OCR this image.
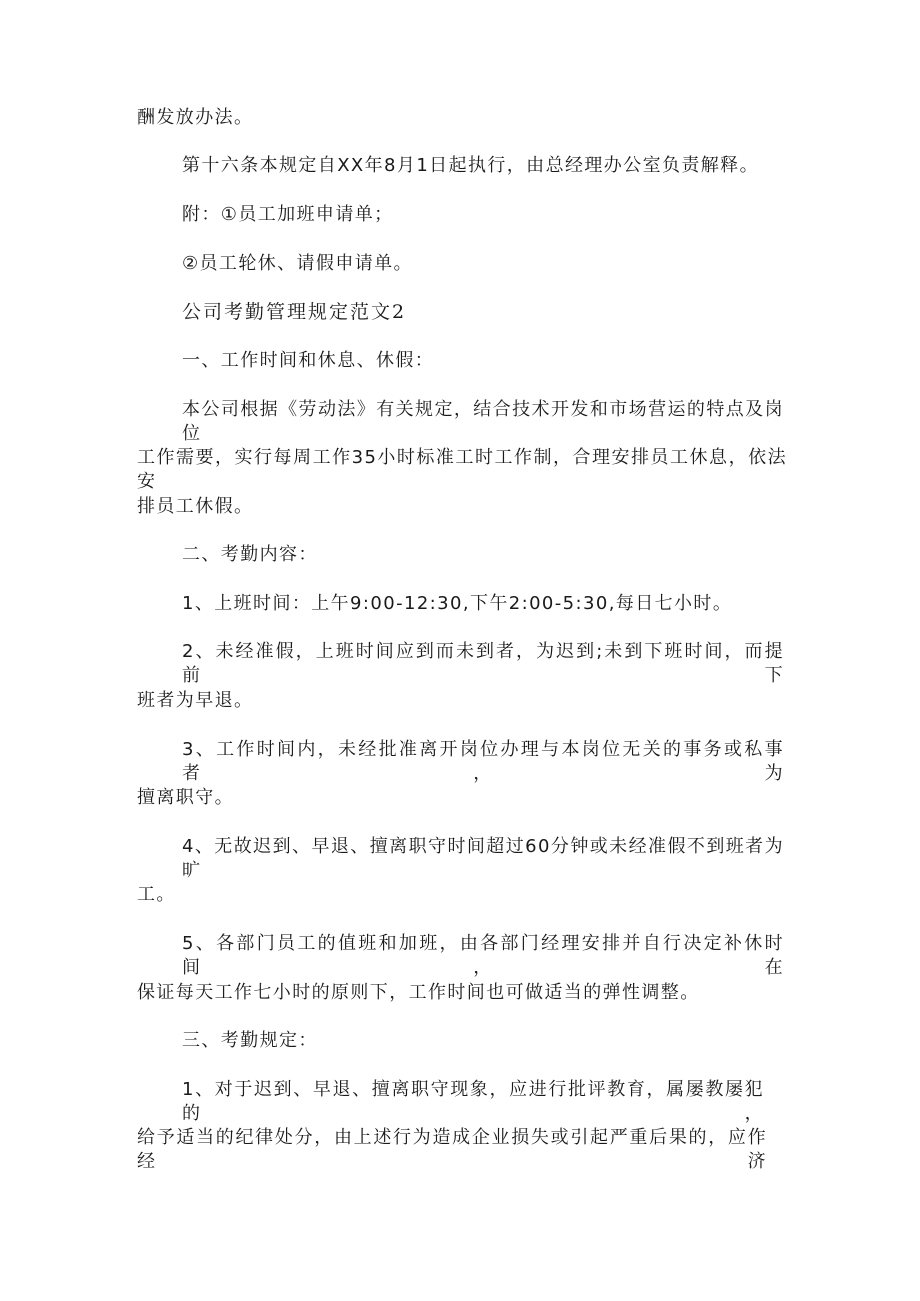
酬发放办法。
第十六条本规定自XX年8月1日起执行，由总经理办公室负责解释。
附：①员工加班申请单；
②员工轮休、请假申请单。
公司考勤管理规定范文2
一、工作时间和休息、休假：
本公司根据《劳动法》有关规定，结合技术开发和市场营运的特点及岗位
工作需要，实行每周工作35小时标准工时工作制，合理安排员工休息，依法安
排员工休假。
二、考勤内容：
1、上班时间：上午9:00-12:30,下午2:00-5:30,每日七小时。
2、未经准假，上班时间应到而未到者，为迟到;未到下班时间，而提前下
班者为早退。
3、工作时间内，未经批准离开岗位办理与本岗位无关的事务或私事者，为
擅离职守。
4、无故迟到、早退、擅离职守时间超过60分钟或未经准假不到班者为旷
工。
5、各部门员工的值班和加班，由各部门经理安排并自行决定补休时间，在
保证每天工作七小时的原则下，工作时间也可做适当的弹性调整。
三、考勤规定：
1、对于迟到、早退、擅离职守现象，应进行批评教育，属屡教屡犯的，
给予适当的纪律处分，由上述行为造成企业损失或引起严重后果的，应作经济
